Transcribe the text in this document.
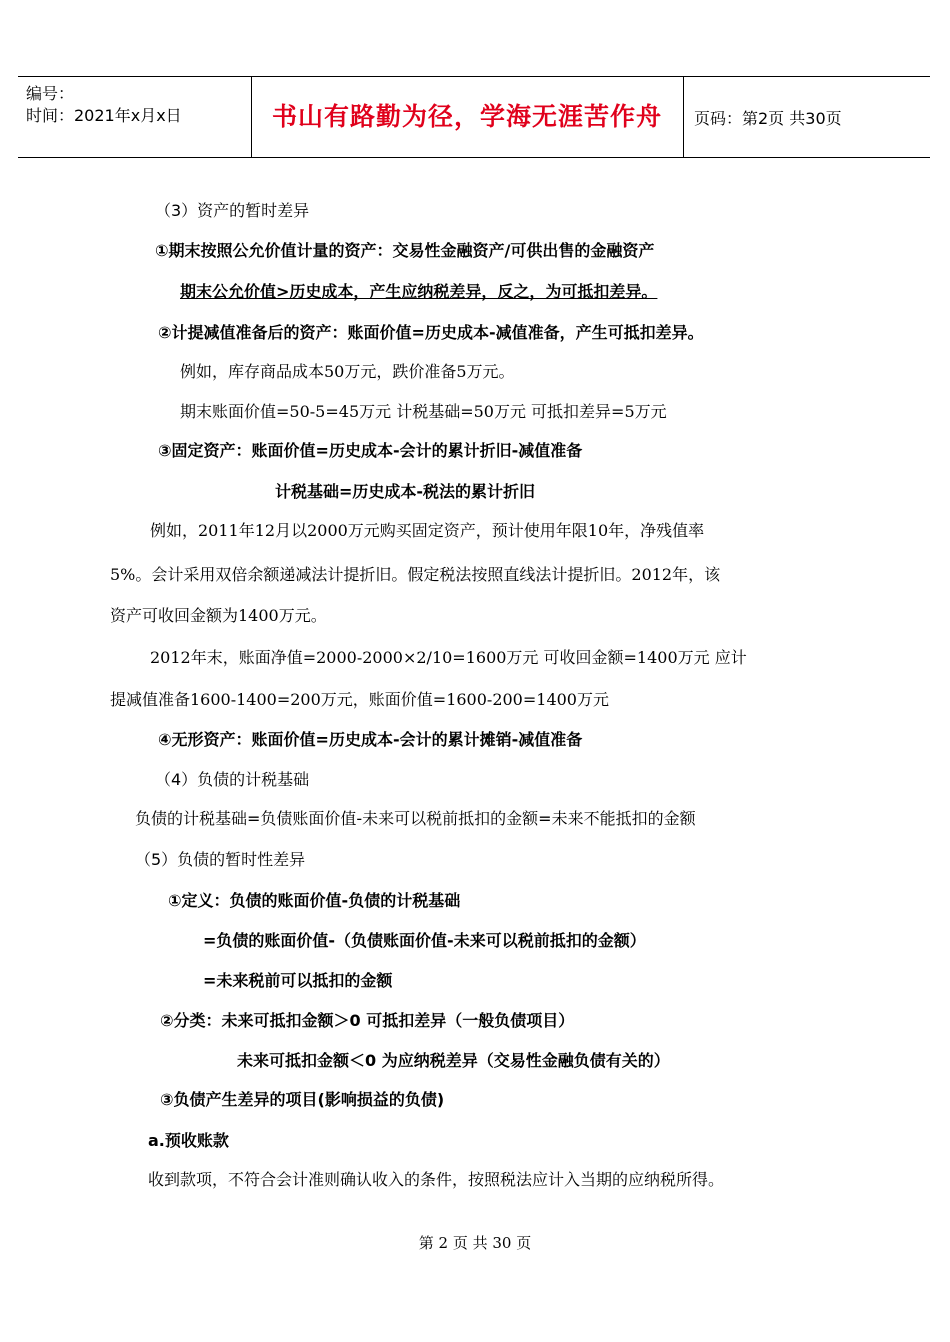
编号：
时间：2021年x月x日	书山有路勤为径，学海无涯苦作舟	页码：第2页 共30页
（3）资产的暂时差异
①期末按照公允价值计量的资产：交易性金融资产/可供出售的金融资产
期末公允价值>历史成本，产生应纳税差异，反之，为可抵扣差异。
②计提减值准备后的资产：账面价值=历史成本-减值准备，产生可抵扣差异。
例如，库存商品成本50万元，跌价准备5万元。
期末账面价值=50-5=45万元 计税基础=50万元 可抵扣差异=5万元
③固定资产：账面价值=历史成本-会计的累计折旧-减值准备
计税基础=历史成本-税法的累计折旧
例如，2011年12月以2000万元购买固定资产，预计使用年限10年，净残值率
5%。会计采用双倍余额递减法计提折旧。假定税法按照直线法计提折旧。2012年，该
资产可收回金额为1400万元。
2012年末，账面净值=2000-2000×2/10=1600万元 可收回金额=1400万元 应计
提减值准备1600-1400=200万元，账面价值=1600-200=1400万元
④无形资产：账面价值=历史成本-会计的累计摊销-减值准备
（4）负债的计税基础
负债的计税基础=负债账面价值-未来可以税前抵扣的金额=未来不能抵扣的金额
（5）负债的暂时性差异
①定义：负债的账面价值-负债的计税基础
=负债的账面价值-（负债账面价值-未来可以税前抵扣的金额）
=未来税前可以抵扣的金额
②分类：未来可抵扣金额＞0 可抵扣差异（一般负债项目）
未来可抵扣金额＜0 为应纳税差异（交易性金融负债有关的）
③负债产生差异的项目(影响损益的负债)
a.预收账款
收到款项，不符合会计准则确认收入的条件，按照税法应计入当期的应纳税所得。
第 2 页 共 30 页
